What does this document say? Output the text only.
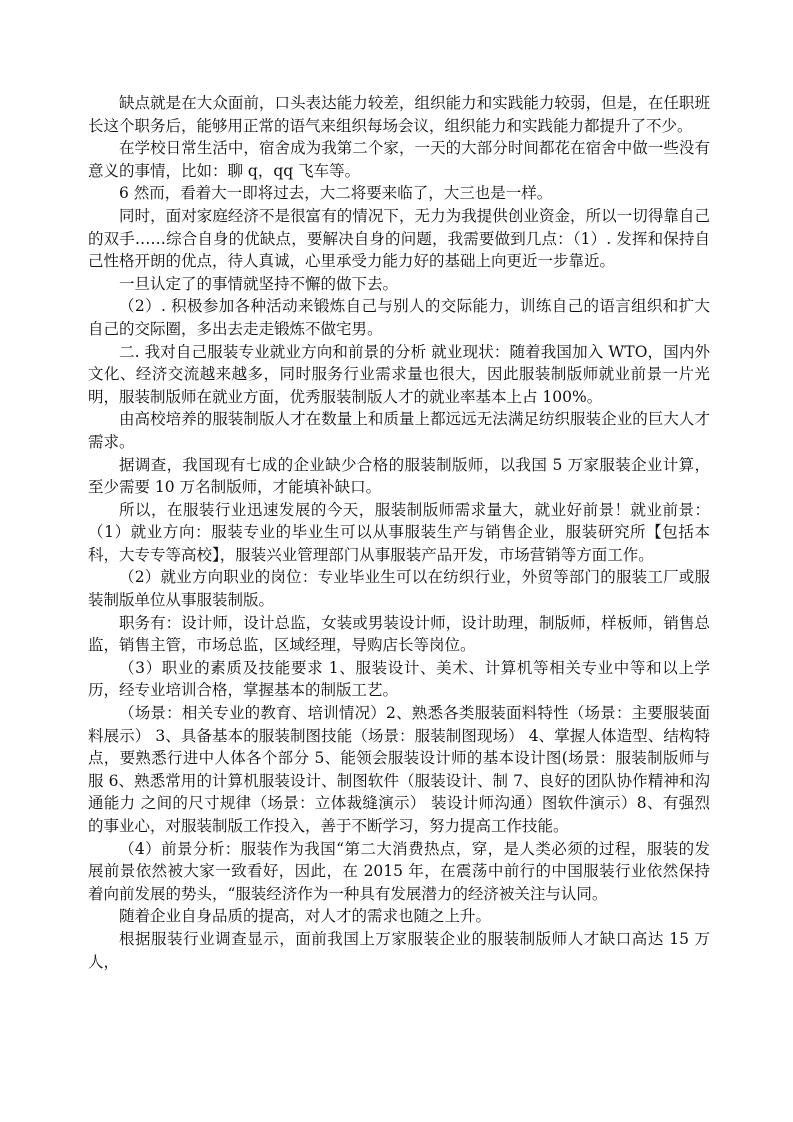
缺点就是在大众面前，口头表达能力较差，组织能力和实践能力较弱，但是，在任职班长这个职务后，能够用正常的语气来组织每场会议，组织能力和实践能力都提升了不少。

在学校日常生活中，宿舍成为我第二个家，一天的大部分时间都花在宿舍中做一些没有意义的事情，比如：聊 q，qq 飞车等。

6 然而，看着大一即将过去，大二将要来临了，大三也是一样。

同时，面对家庭经济不是很富有的情况下，无力为我提供创业资金，所以一切得靠自己的双手……综合自身的优缺点，要解决自身的问题，我需要做到几点：（1）. 发挥和保持自己性格开朗的优点，待人真诚，心里承受力能力好的基础上向更近一步靠近。

一旦认定了的事情就坚持不懈的做下去。

（2）. 积极参加各种活动来锻炼自己与别人的交际能力，训练自己的语言组织和扩大自己的交际圈，多出去走走锻炼不做宅男。

二. 我对自己服装专业就业方向和前景的分析 就业现状：随着我国加入 WTO，国内外文化、经济交流越来越多，同时服务行业需求量也很大，因此服装制版师就业前景一片光明，服装制版师在就业方面，优秀服装制版人才的就业率基本上占 100%。

由高校培养的服装制版人才在数量上和质量上都远远无法满足纺织服装企业的巨大人才需求。

据调查，我国现有七成的企业缺少合格的服装制版师，以我国 5 万家服装企业计算，至少需要 10 万名制版师，才能填补缺口。

所以，在服装行业迅速发展的今天，服装制版师需求量大，就业好前景！就业前景：（1）就业方向：服装专业的毕业生可以从事服装生产与销售企业，服装研究所【包括本科，大专专等高校】，服装兴业管理部门从事服装产品开发，市场营销等方面工作。

（2）就业方向职业的岗位：专业毕业生可以在纺织行业，外贸等部门的服装工厂或服装制版单位从事服装制版。

职务有：设计师，设计总监，女装或男装设计师，设计助理，制版师，样板师，销售总监，销售主管，市场总监，区域经理，导购店长等岗位。

（3）职业的素质及技能要求 1、服装设计、美术、计算机等相关专业中等和以上学历，经专业培训合格，掌握基本的制版工艺。

（场景：相关专业的教育、培训情况）2、熟悉各类服装面料特性（场景：主要服装面料展示） 3、具备基本的服装制图技能（场景：服装制图现场） 4、掌握人体造型、结构特点，要熟悉行进中人体各个部分 5、能领会服装设计师的基本设计图(场景：服装制版师与服 6、熟悉常用的计算机服装设计、制图软件（服装设计、制 7、良好的团队协作精神和沟通能力 之间的尺寸规律（场景：立体裁缝演示） 装设计师沟通）图软件演示）8、有强烈的事业心，对服装制版工作投入，善于不断学习，努力提高工作技能。

（4）前景分析：服装作为我国“第二大消费热点，穿，是人类必须的过程，服装的发展前景依然被大家一致看好，因此，在 2015 年，在震荡中前行的中国服装行业依然保持着向前发展的势头，“服装经济作为一种具有发展潜力的经济被关注与认同。

随着企业自身品质的提高，对人才的需求也随之上升。

根据服装行业调查显示，面前我国上万家服装企业的服装制版师人才缺口高达 15 万人，
